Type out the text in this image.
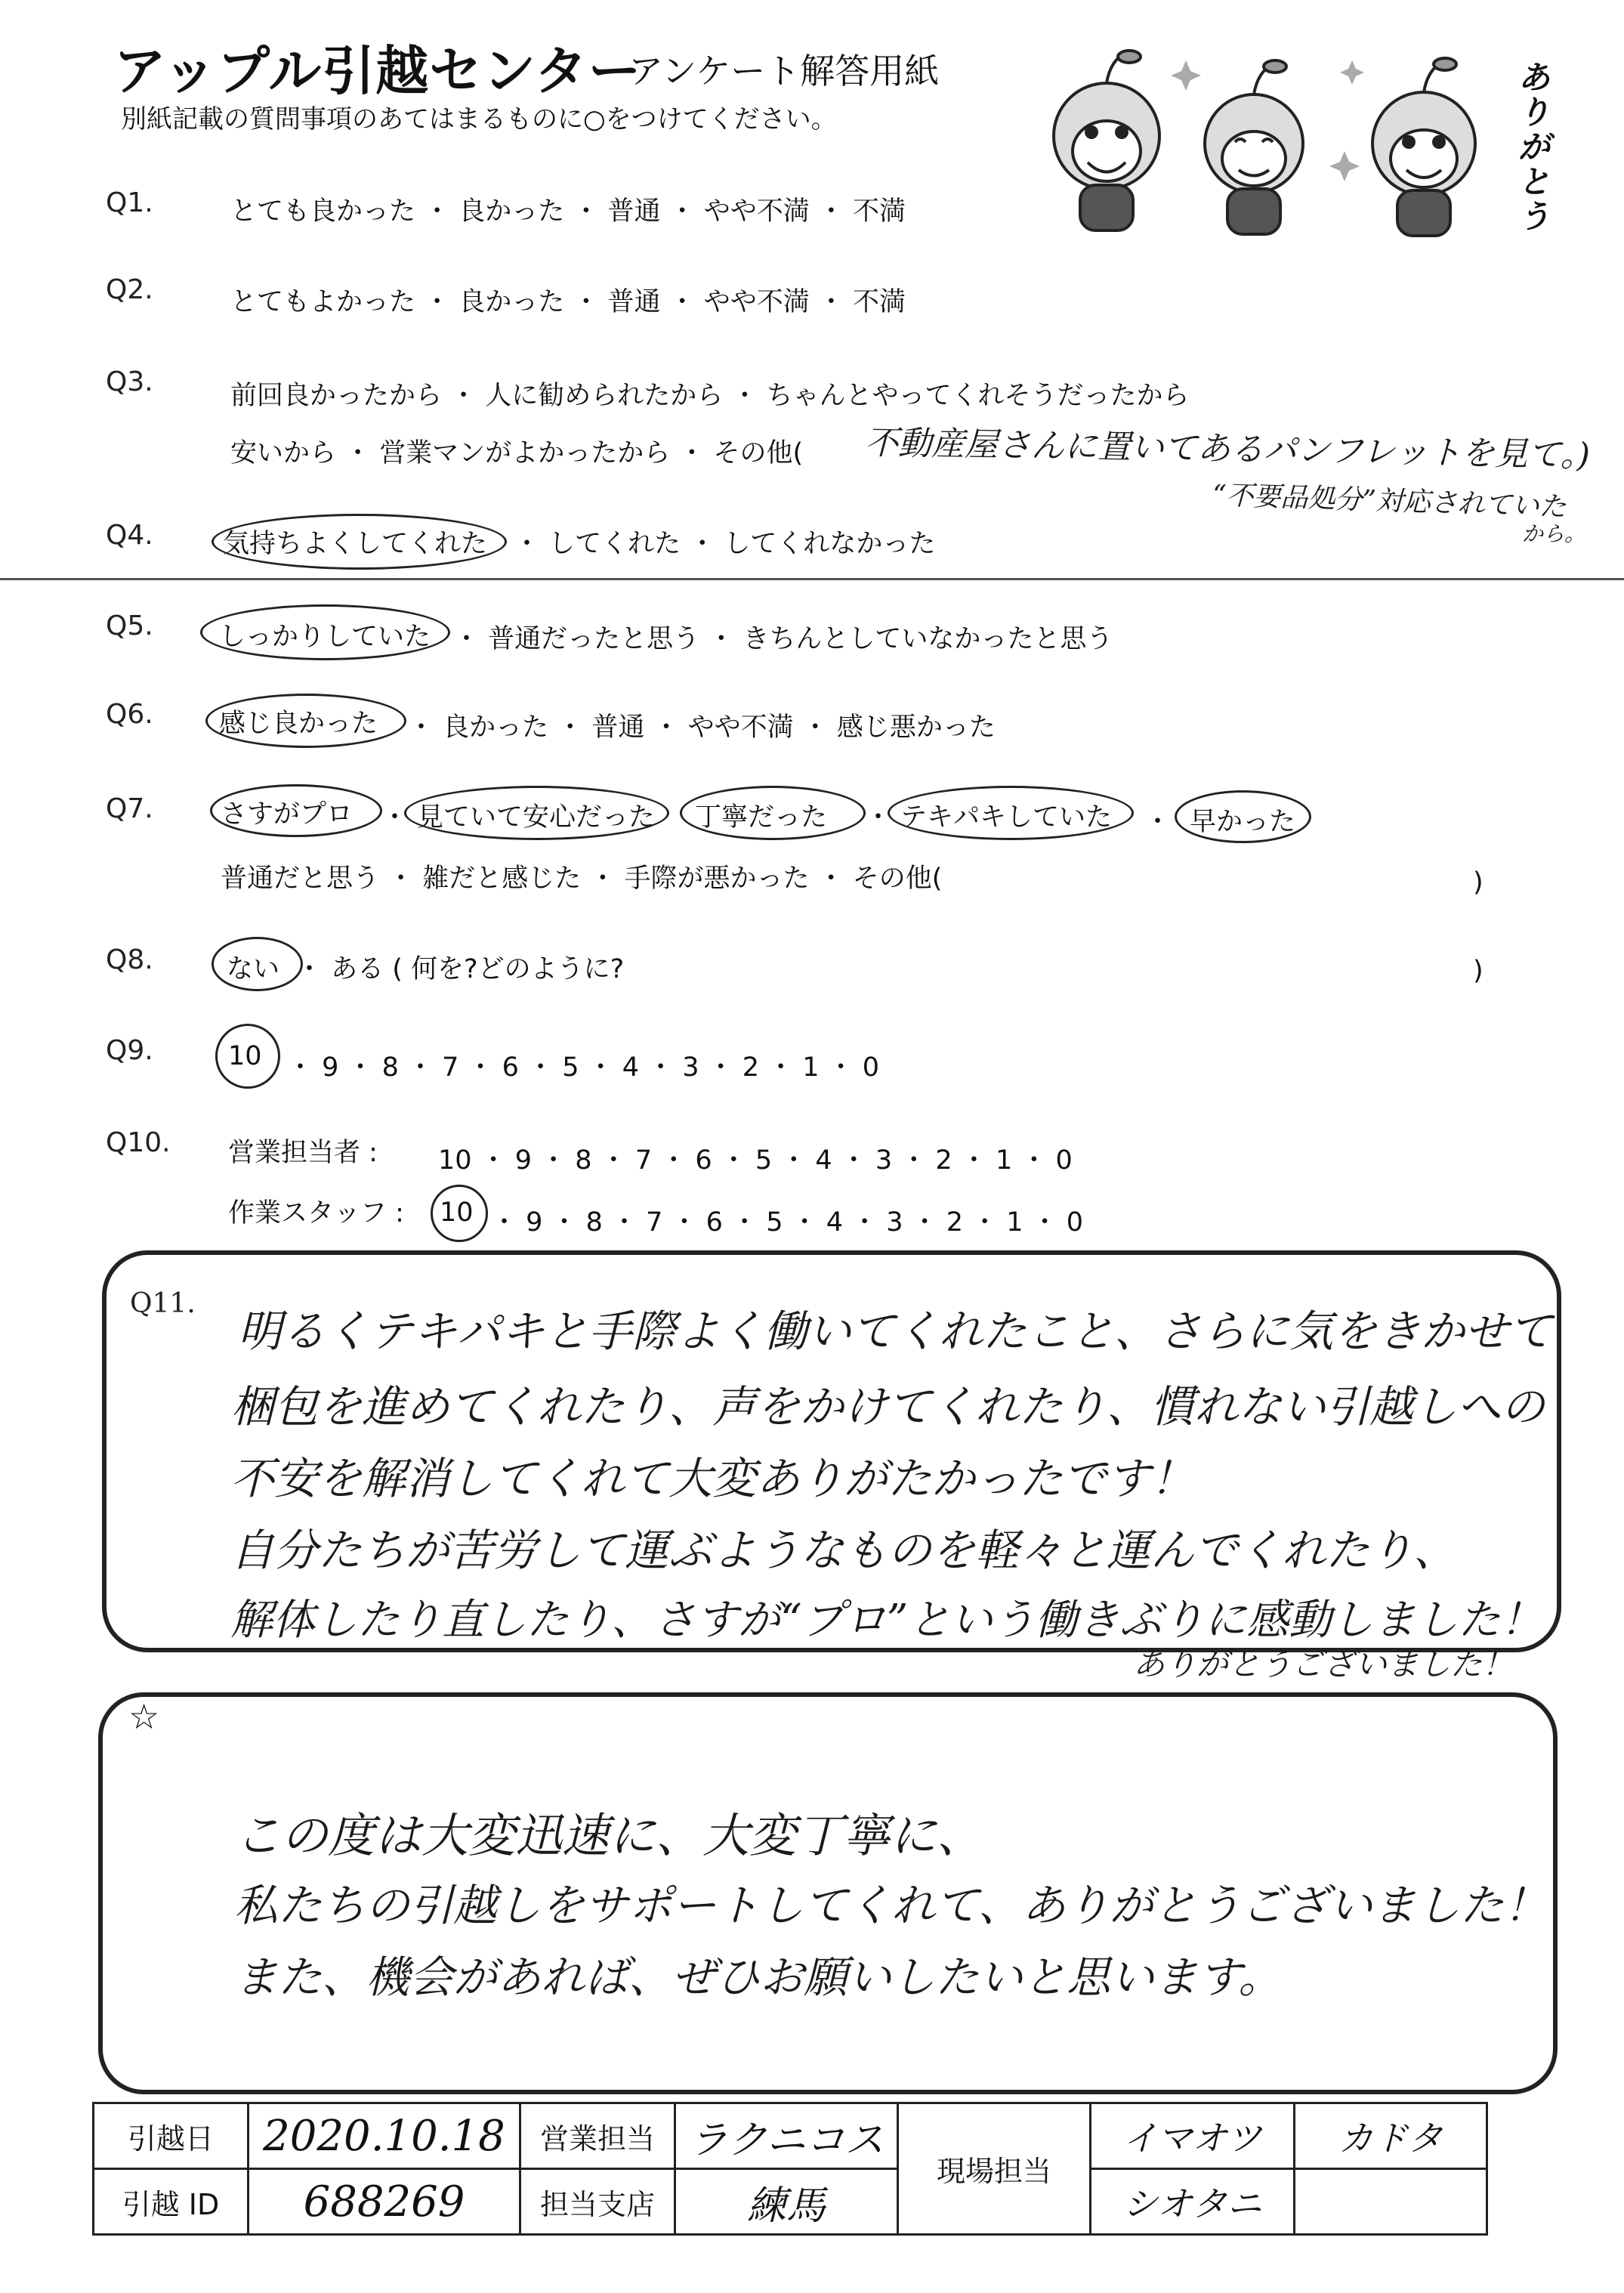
アップル引越センター
アンケート解答用紙
別紙記載の質問事項のあてはまるものに○をつけてください。
ありがとう
Q1.	とても良かった ・ 良かった ・ 普通 ・ やや不満 ・ 不満
Q2.	とてもよかった ・ 良かった ・ 普通 ・ やや不満 ・ 不満
Q3.	前回良かったから ・ 人に勧められたから ・ ちゃんとやってくれそうだったから
安いから ・ 営業マンがよかったから ・ その他( 不動産屋さんに置いてあるパンフレットを見て。)
“不要品処分”対応されていた
から。
Q4.	気持ちよくしてくれた ・ してくれた ・ してくれなかった
Q5. しっかりしていた ・ 普通だったと思う ・ きちんとしていなかったと思う
Q6. 感じ良かった ・ 良かった ・ 普通 ・ やや不満 ・ 感じ悪かった
Q7.	さすがプロ ・ 見ていて安心だった 丁寧だった ・ テキパキしていた ・ 早かった
普通だと思う ・ 雑だと感じた ・ 手際が悪かった ・ その他(	)
Q8.	ない ・ ある ( 何を?どのように?	)
Q9.	10 ・ 9 ・ 8 ・ 7 ・ 6 ・ 5 ・ 4 ・ 3 ・ 2 ・ 1 ・ 0
Q10. 営業担当者 : 10 ・ 9 ・ 8 ・ 7 ・ 6 ・ 5 ・ 4 ・ 3 ・ 2 ・ 1 ・ 0
作業スタッフ : 10 ・ 9 ・ 8 ・ 7 ・ 6 ・ 5 ・ 4 ・ 3 ・ 2 ・ 1 ・ 0
Q11.
明るくテキパキと手際よく働いてくれたこと、さらに気をきかせて
梱包を進めてくれたり、声をかけてくれたり、慣れない引越しへの
不安を解消してくれて大変ありがたかったです！
自分たちが苦労して運ぶようなものを軽々と運んでくれたり、
解体したり直したり、さすが“プロ”という働きぶりに感動しました！
ありがとうございました！
☆
この度は大変迅速に、大変丁寧に、
私たちの引越しをサポートしてくれて、ありがとうございました！
また、機会があれば、ぜひお願いしたいと思います。
引越日	2020.10.18	営業担当	ラクニコス	現場担当	イマオツ	カドタ
引越 ID	688269	担当支店	練馬		シオタニ	
